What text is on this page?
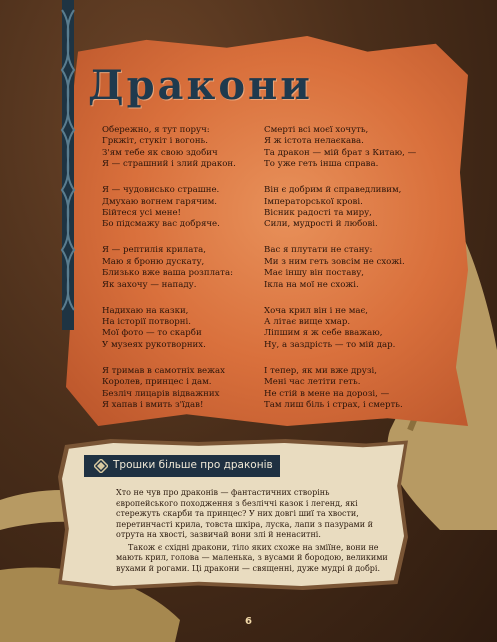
Дракони
Обережно, я тут поруч:
Гркжіт, стукіт і вогонь.
З'ям тебе як свою здобич
Я — страшний і злий дракон.
Я — чудовисько страшне.
Дмухаю вогнем гарячим.
Бійтеся усі мене!
Бо підсмажу вас добряче.
Я — рептилія крилата,
Маю я броню дускату,
Близько вже ваша розплата:
Як захочу — нападу.
Надихаю на казки,
На історії потворні.
Мої фото — то скарби
У музеях рукотворних.
Я тримав в самотніх вежах
Королев, принцес і дам.
Безліч лицарів відважних
Я хапав і вмить з'їдав!
Смерті всі моєї хочуть,
Я ж істота нелаєкава.
Та дракон — мій брат з Китаю, —
То уже геть інша справа.
Він є добрим й справедливим,
Імператорської крові.
Вісник радості та миру,
Сили, мудрості й любові.
Вас я плутати не стану:
Ми з ним геть зовсім не схожі.
Має іншу він поставу,
Ікла на мої не схожі.
Хоча крил він і не має,
А літає вище хмар.
Ліпшим я ж себе вважаю,
Ну, а заздрість — то мій дар.
І тепер, як ми вже друзі,
Мені час летіти геть.
Не стій в мене на дорозі, —
Там лиш біль і страх, і смерть.
Трошки більше про драконів

Хто не чув про драконів — фантастичних створінь європейського походження з безліччі казок і легенд, які стережуть скарби та принцес? У них довгі шиї та хвости, перетинчасті крила, товста шкіра, луска, лапи з пазурами й отрута на хвості, зазвичай вони злі й ненаситні.

Також є східні дракони, тіло яких схоже на зміїне, вони не мають крил, голова — маленька, з вусами й бородою, великими вухами й рогами. Ці дракони — священні, дуже мудрі й добрі.

6
